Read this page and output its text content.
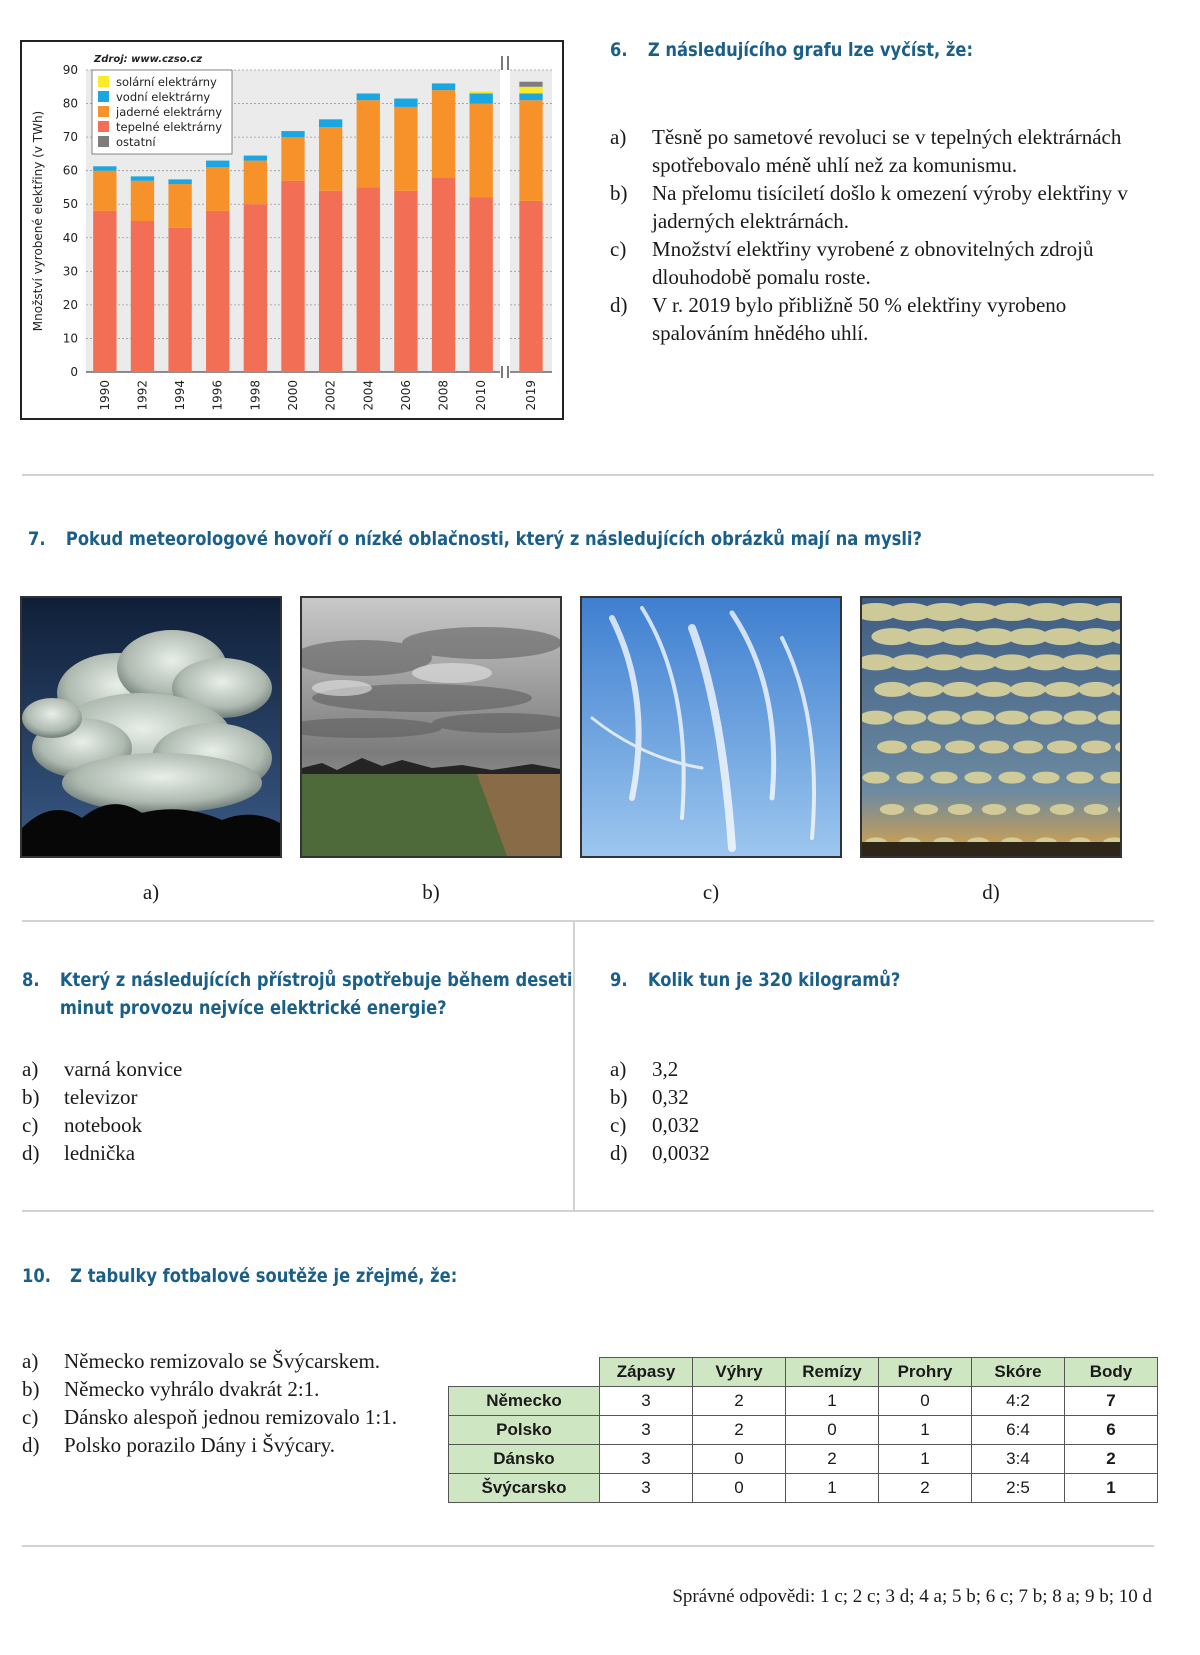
0
10
20
30
40
50
60
70
80
90
Množství vyrobené elektřiny (v TWh)
Zdroj: www.czso.cz
1990 1992 1994 1996 1998 2000 2002 2004 2006 2008 2010	2019
solární elektrárny
vodní elektrárny
jaderné elektrárny
tepelné elektrárny
ostatní
6. Z následujícího grafu lze vyčíst, že:
a)	Těsně po sametové revoluci se v tepelných elektrárnách spotřebovalo méně uhlí než za komunismu.
b)	Na přelomu tisíciletí došlo k omezení výroby elektřiny v jaderných elektrárnách.
c)	Množství elektřiny vyrobené z obnovitelných zdrojů dlouhodobě pomalu roste.
d)	V r. 2019 bylo přibližně 50 % elektřiny vyrobeno spalováním hnědého uhlí.
7. Pokud meteorologové hovoří o nízké oblačnosti, který z následujících obrázků mají na mysli?
a)	b)	c)	d)
8. Který z následujících přístrojů spotřebuje během deseti
minut provozu nejvíce elektrické energie?
a)	varná konvice
b)	televizor
c)	notebook
d)	lednička
9. Kolik tun je 320 kilogramů?
a)	3,2
b)	0,32
c)	0,032
d)	0,0032
10. Z tabulky fotbalové soutěže je zřejmé, že:
a)	Německo remizovalo se Švýcarskem.
b)	Německo vyhrálo dvakrát 2:1.
c)	Dánsko alespoň jednou remizovalo 1:1.
d)	Polsko porazilo Dány i Švýcary.
	Zápasy	Výhry	Remízy	Prohry	Skóre	Body
Německo	3	2	1	0	4:2	7
Polsko	3	2	0	1	6:4	6
Dánsko	3	0	2	1	3:4	2
Švýcarsko	3	0	1	2	2:5	1
Správné odpovědi: 1 c; 2 c; 3 d; 4 a; 5 b; 6 c; 7 b; 8 a; 9 b; 10 d
